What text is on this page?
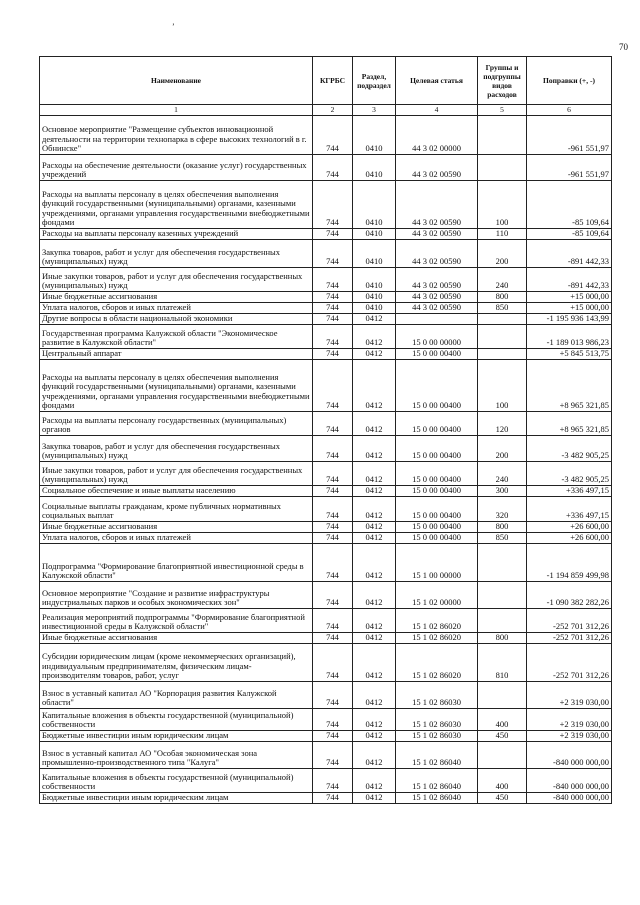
ʼ
70
Наименование	КГРБС	Раздел, подраздел	Целевая статья	Группы и подгруппы видов расходов	Поправки (+, -)
1	2	3	4	5	6
Основное мероприятие "Размещение субъектов инновационной деятельности на территории технопарка в сфере высоких технологий в г. Обнинске"	744	0410	44 3 02 00000		-961 551,97
Расходы на обеспечение деятельности (оказание услуг) государственных учреждений	744	0410	44 3 02 00590		-961 551,97
Расходы на выплаты персоналу в целях обеспечения выполнения функций государственными (муниципальными) органами, казенными учреждениями, органами управления государственными внебюджетными фондами	744	0410	44 3 02 00590	100	-85 109,64
Расходы на выплаты персоналу казенных учреждений	744	0410	44 3 02 00590	110	-85 109,64
Закупка товаров, работ и услуг для обеспечения государственных (муниципальных) нужд	744	0410	44 3 02 00590	200	-891 442,33
Иные закупки товаров, работ и услуг для обеспечения государственных (муниципальных) нужд	744	0410	44 3 02 00590	240	-891 442,33
Иные бюджетные ассигнования	744	0410	44 3 02 00590	800	+15 000,00
Уплата налогов, сборов и иных платежей	744	0410	44 3 02 00590	850	+15 000,00
Другие вопросы в области национальной экономики	744	0412			-1 195 936 143,99
Государственная программа Калужской области "Экономическое развитие в Калужской области"	744	0412	15 0 00 00000		-1 189 013 986,23
Центральный аппарат	744	0412	15 0 00 00400		+5 845 513,75
Расходы на выплаты персоналу в целях обеспечения выполнения функций государственными (муниципальными) органами, казенными учреждениями, органами управления государственными внебюджетными фондами	744	0412	15 0 00 00400	100	+8 965 321,85
Расходы на выплаты персоналу государственных (муниципальных) органов	744	0412	15 0 00 00400	120	+8 965 321,85
Закупка товаров, работ и услуг для обеспечения государственных (муниципальных) нужд	744	0412	15 0 00 00400	200	-3 482 905,25
Иные закупки товаров, работ и услуг для обеспечения государственных (муниципальных) нужд	744	0412	15 0 00 00400	240	-3 482 905,25
Социальное обеспечение и иные выплаты населению	744	0412	15 0 00 00400	300	+336 497,15
Социальные выплаты гражданам, кроме публичных нормативных социальных выплат	744	0412	15 0 00 00400	320	+336 497,15
Иные бюджетные ассигнования	744	0412	15 0 00 00400	800	+26 600,00
Уплата налогов, сборов и иных платежей	744	0412	15 0 00 00400	850	+26 600,00
Подпрограмма "Формирование благоприятной инвестиционной среды в Калужской области"	744	0412	15 1 00 00000		-1 194 859 499,98
Основное мероприятие "Создание и развитие инфраструктуры индустриальных парков и особых экономических зон"	744	0412	15 1 02 00000		-1 090 382 282,26
Реализация мероприятий подпрограммы "Формирование благоприятной инвестиционной среды в Калужской области"	744	0412	15 1 02 86020		-252 701 312,26
Иные бюджетные ассигнования	744	0412	15 1 02 86020	800	-252 701 312,26
Субсидии юридическим лицам (кроме некоммерческих организаций), индивидуальным предпринимателям, физическим лицам-производителям товаров, работ, услуг	744	0412	15 1 02 86020	810	-252 701 312,26
Взнос в уставный капитал АО "Корпорация развития Калужской области"	744	0412	15 1 02 86030		+2 319 030,00
Капитальные вложения в объекты государственной (муниципальной) собственности	744	0412	15 1 02 86030	400	+2 319 030,00
Бюджетные инвестиции иным юридическим лицам	744	0412	15 1 02 86030	450	+2 319 030,00
Взнос в уставный капитал АО "Особая экономическая зона промышленно-производственного типа "Калуга"	744	0412	15 1 02 86040		-840 000 000,00
Капитальные вложения в объекты государственной (муниципальной) собственности	744	0412	15 1 02 86040	400	-840 000 000,00
Бюджетные инвестиции иным юридическим лицам	744	0412	15 1 02 86040	450	-840 000 000,00
